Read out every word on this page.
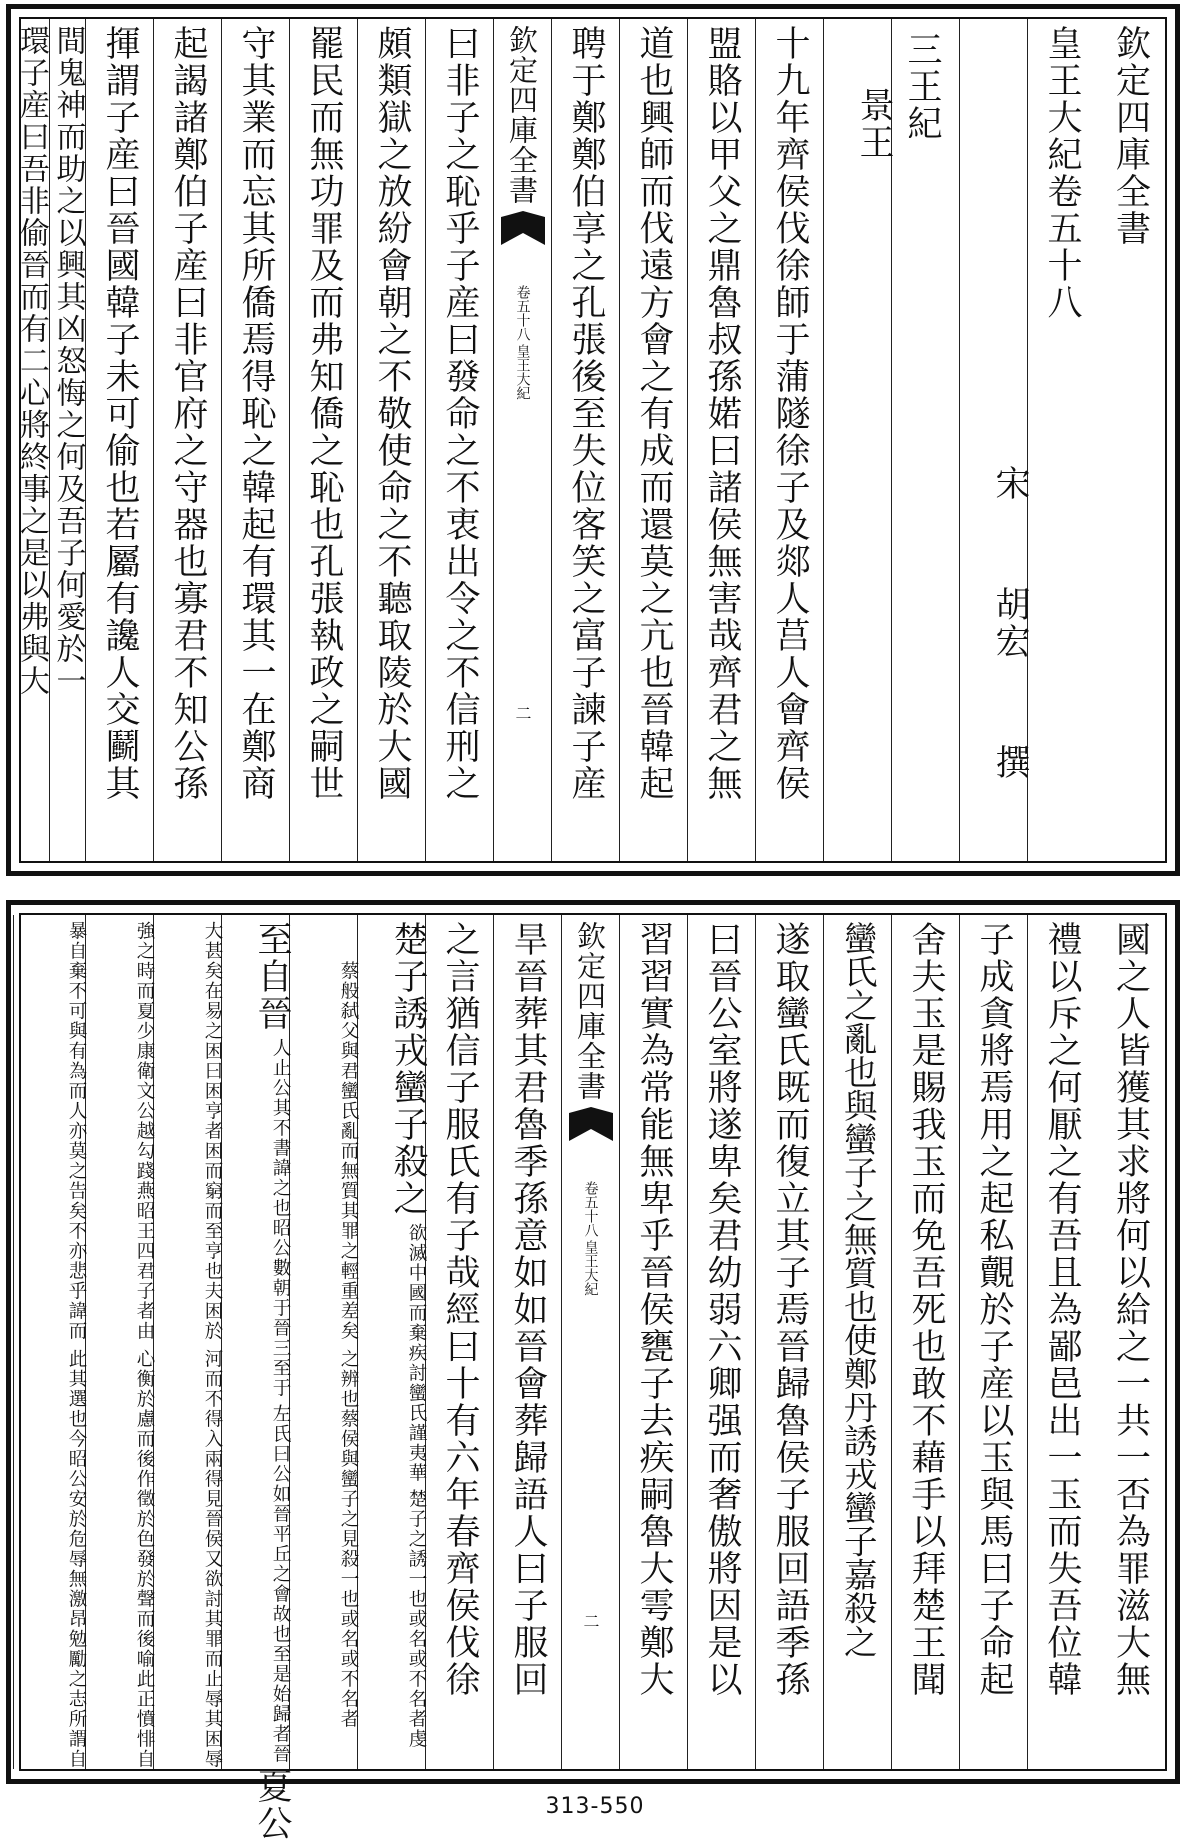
欽定四庫全書
皇王大紀卷五十八
宋  胡宏  撰
三王紀
景王
十九年齊侯伐徐師于蒲隧徐子及郯人莒人會齊侯
盟賂以甲父之鼎魯叔孫婼曰諸侯無害哉齊君之無
道也興師而伐遠方會之有成而還莫之亢也晉韓起
聘于鄭鄭伯享之孔張後至失位客笑之富子諫子産
欽定四庫全書
皇王大紀
卷五十八
二
曰非子之恥乎子産曰發命之不衷出令之不信刑之
頗類獄之放紛會朝之不敬使命之不聽取陵於大國
罷民而無功罪及而弗知僑之恥也孔張執政之嗣世
守其業而忘其所僑焉得恥之韓起有環其一在鄭商
起謁諸鄭伯子産曰非官府之守器也寡君不知公孫
揮謂子産曰晉國韓子未可偷也若屬有讒人交鬬其
間鬼神而助之以興其凶怒悔之何及吾子何愛於一
環子産曰吾非偷晉而有二心將終事之是以弗與大
國之人皆獲其求將何以給之一共一否為罪滋大無
禮以斥之何厭之有吾且為鄙邑出一玉而失吾位韓
子成貪將焉用之起私覿於子産以玉與馬曰子命起
舍夫玉是賜我玉而免吾死也敢不藉手以拜楚王聞
蠻氏之亂也與蠻子之無質也使鄭丹誘戎蠻子嘉殺之
遂取蠻氏既而復立其子焉晉歸魯侯子服回語季孫
曰晉公室將遂卑矣君幼弱六卿强而奢傲將因是以
習習實為常能無卑乎晉侯甕子去疾嗣魯大雩鄭大
欽定四庫全書
皇王大紀
卷五十八
二
旱晉葬其君魯季孫意如如晉會葬歸語人曰子服回
之言猶信子服氏有子哉經曰十有六年春齊侯伐徐
楚子誘戎蠻子殺之
楚子之誘一也或名或不名者虔
欲滅中國而棄疾討蠻氏謹夷華
之辨也蔡侯與蠻子之見殺一也或名或不名者
蔡般弑父與君蠻氏亂而無質其罪之輕重差矣
至自晉
左氏曰公如晉平丘之會故也至是始歸者晉
人止公其不書諱之也昭公數朝于晉三至于
夏公
河而不得入兩得見晉侯又欲討其罪而止辱其困辱
大甚矣在易之困曰困亨者困而窮而至亨也夫困於
心衡於慮而後作徵於色發於聲而後喻此正憤悱自
強之時而夏少康衛文公越勾踐燕昭王四君子者由
此其選也今昭公安於危辱無激昂勉勵之志所謂自
暴自棄不可與有為而人亦莫之告矣不亦悲乎諱而
313-550
